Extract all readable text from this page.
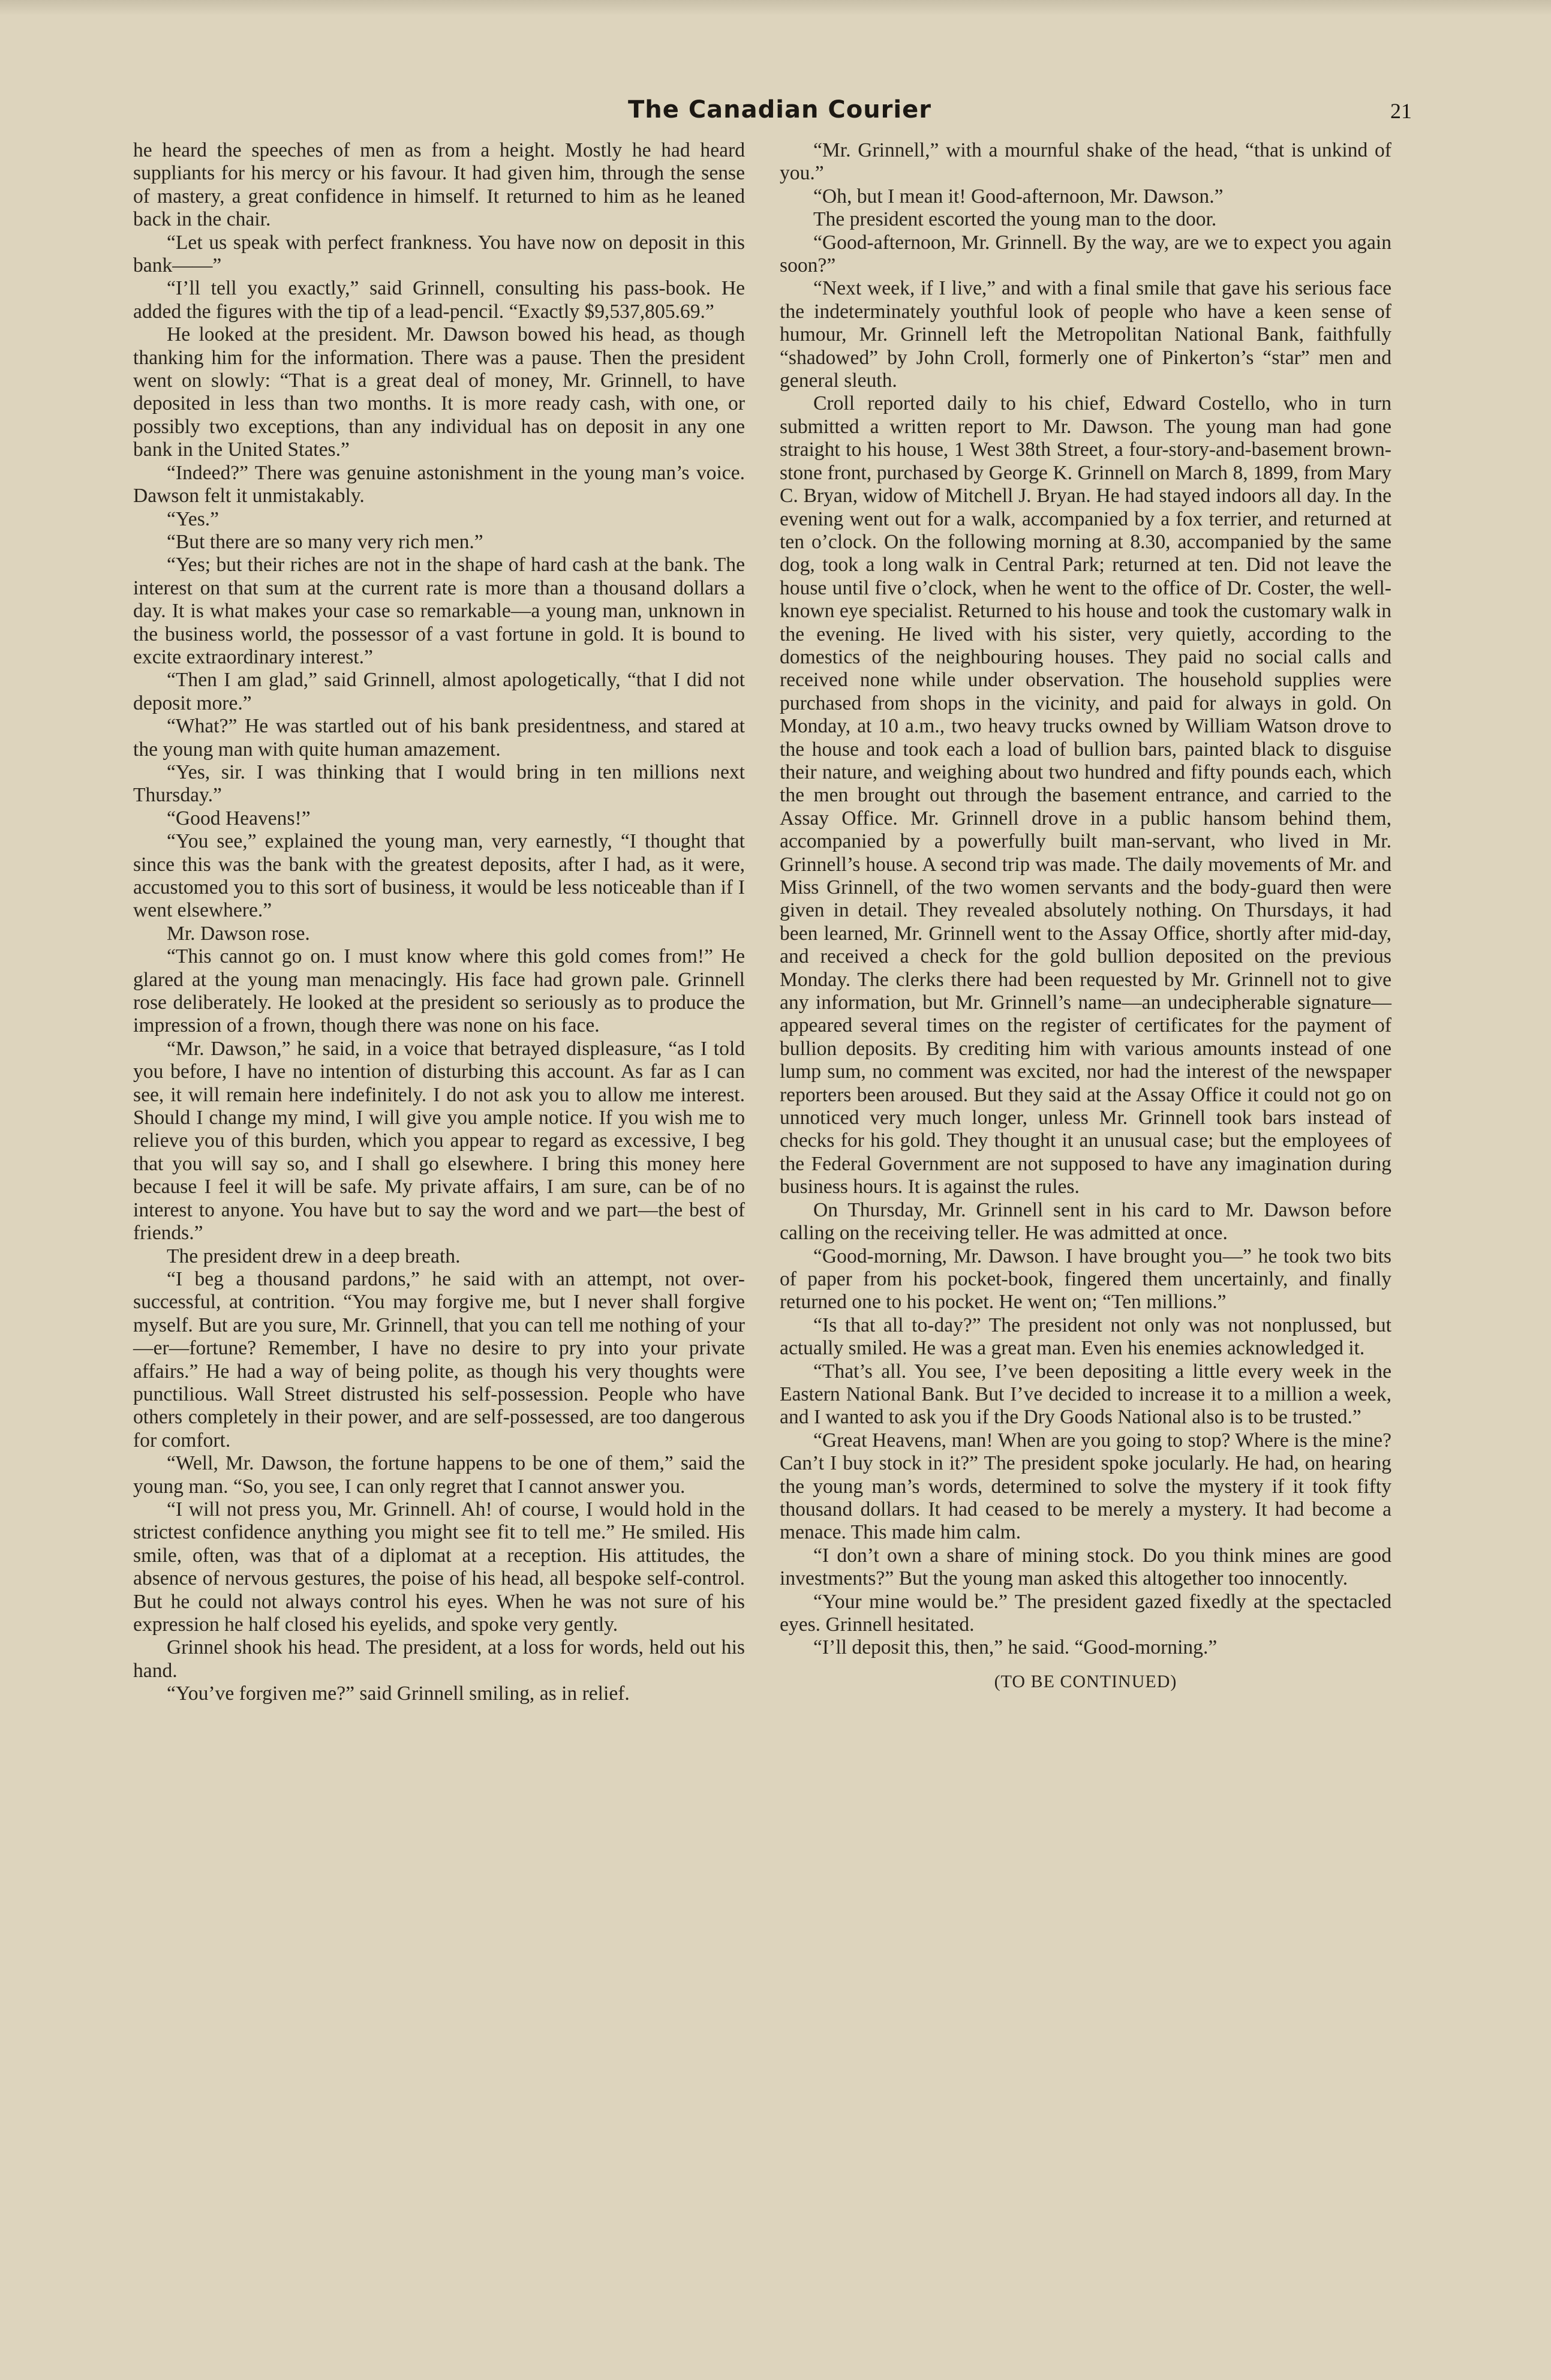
The Canadian Courier	21

he heard the speeches of men as from a height. Mostly he had heard suppliants for his mercy or his favour. It had given him, through the sense of mastery, a great confidence in himself. It returned to him as he leaned back in the chair.

“Let us speak with perfect frankness. You have now on deposit in this bank——”

“I’ll tell you exactly,” said Grinnell, consulting his pass-book. He added the figures with the tip of a lead-pencil. “Exactly $9,537,805.69.”

He looked at the president. Mr. Dawson bowed his head, as though thanking him for the information. There was a pause. Then the president went on slowly: “That is a great deal of money, Mr. Grinnell, to have deposited in less than two months. It is more ready cash, with one, or possibly two exceptions, than any individual has on deposit in any one bank in the United States.”

“Indeed?” There was genuine astonishment in the young man’s voice. Dawson felt it unmistakably.

“Yes.”

“But there are so many very rich men.”

“Yes; but their riches are not in the shape of hard cash at the bank. The interest on that sum at the current rate is more than a thousand dollars a day. It is what makes your case so remarkable—a young man, unknown in the business world, the possessor of a vast fortune in gold. It is bound to excite extraordinary interest.”

“Then I am glad,” said Grinnell, almost apologetically, “that I did not deposit more.”

“What?” He was startled out of his bank presidentness, and stared at the young man with quite human amazement.

“Yes, sir. I was thinking that I would bring in ten millions next Thursday.”

“Good Heavens!”

“You see,” explained the young man, very earnestly, “I thought that since this was the bank with the greatest deposits, after I had, as it were, accustomed you to this sort of business, it would be less noticeable than if I went elsewhere.”

Mr. Dawson rose.

“This cannot go on. I must know where this gold comes from!” He glared at the young man menacingly. His face had grown pale. Grinnell rose deliberately. He looked at the president so seriously as to produce the impression of a frown, though there was none on his face.

“Mr. Dawson,” he said, in a voice that betrayed displeasure, “as I told you before, I have no intention of disturbing this account. As far as I can see, it will remain here indefinitely. I do not ask you to allow me interest. Should I change my mind, I will give you ample notice. If you wish me to relieve you of this burden, which you appear to regard as excessive, I beg that you will say so, and I shall go elsewhere. I bring this money here because I feel it will be safe. My private affairs, I am sure, can be of no interest to anyone. You have but to say the word and we part—the best of friends.”

The president drew in a deep breath.

“I beg a thousand pardons,” he said with an attempt, not over-successful, at contrition. “You may forgive me, but I never shall forgive myself. But are you sure, Mr. Grinnell, that you can tell me nothing of your—er—fortune? Remember, I have no desire to pry into your private affairs.” He had a way of being polite, as though his very thoughts were punctilious. Wall Street distrusted his self-possession. People who have others completely in their power, and are self-possessed, are too dangerous for comfort.

“Well, Mr. Dawson, the fortune happens to be one of them,” said the young man. “So, you see, I can only regret that I cannot answer you.

“I will not press you, Mr. Grinnell. Ah! of course, I would hold in the strictest confidence anything you might see fit to tell me.” He smiled. His smile, often, was that of a diplomat at a reception. His attitudes, the absence of nervous gestures, the poise of his head, all bespoke self-control. But he could not always control his eyes. When he was not sure of his expression he half closed his eyelids, and spoke very gently.

Grinnel shook his head. The president, at a loss for words, held out his hand.

“You’ve forgiven me?” said Grinnell smiling, as in relief.

“Mr. Grinnell,” with a mournful shake of the head, “that is unkind of you.”

“Oh, but I mean it! Good-afternoon, Mr. Dawson.”

The president escorted the young man to the door.

“Good-afternoon, Mr. Grinnell. By the way, are we to expect you again soon?”

“Next week, if I live,” and with a final smile that gave his serious face the indeterminately youthful look of people who have a keen sense of humour, Mr. Grinnell left the Metropolitan National Bank, faithfully “shadowed” by John Croll, formerly one of Pinkerton’s “star” men and general sleuth.

Croll reported daily to his chief, Edward Costello, who in turn submitted a written report to Mr. Dawson. The young man had gone straight to his house, 1 West 38th Street, a four-story-and-basement brown-stone front, purchased by George K. Grinnell on March 8, 1899, from Mary C. Bryan, widow of Mitchell J. Bryan. He had stayed indoors all day. In the evening went out for a walk, accompanied by a fox terrier, and returned at ten o’clock. On the following morning at 8.30, accompanied by the same dog, took a long walk in Central Park; returned at ten. Did not leave the house until five o’clock, when he went to the office of Dr. Coster, the well-known eye specialist. Returned to his house and took the customary walk in the evening. He lived with his sister, very quietly, according to the domestics of the neighbouring houses. They paid no social calls and received none while under observation. The household supplies were purchased from shops in the vicinity, and paid for always in gold. On Monday, at 10 a.m., two heavy trucks owned by William Watson drove to the house and took each a load of bullion bars, painted black to disguise their nature, and weighing about two hundred and fifty pounds each, which the men brought out through the basement entrance, and carried to the Assay Office. Mr. Grinnell drove in a public hansom behind them, accompanied by a powerfully built man-servant, who lived in Mr. Grinnell’s house. A second trip was made. The daily movements of Mr. and Miss Grinnell, of the two women servants and the body-guard then were given in detail. They revealed absolutely nothing. On Thursdays, it had been learned, Mr. Grinnell went to the Assay Office, shortly after mid-day, and received a check for the gold bullion deposited on the previous Monday. The clerks there had been requested by Mr. Grinnell not to give any information, but Mr. Grinnell’s name—an undecipherable signature—appeared several times on the register of certificates for the payment of bullion deposits. By crediting him with various amounts instead of one lump sum, no comment was excited, nor had the interest of the newspaper reporters been aroused. But they said at the Assay Office it could not go on unnoticed very much longer, unless Mr. Grinnell took bars instead of checks for his gold. They thought it an unusual case; but the employees of the Federal Government are not supposed to have any imagination during business hours. It is against the rules.

On Thursday, Mr. Grinnell sent in his card to Mr. Dawson before calling on the receiving teller. He was admitted at once.

“Good-morning, Mr. Dawson. I have brought you—” he took two bits of paper from his pocket-book, fingered them uncertainly, and finally returned one to his pocket. He went on; “Ten millions.”

“Is that all to-day?” The president not only was not nonplussed, but actually smiled. He was a great man. Even his enemies acknowledged it.

“That’s all. You see, I’ve been depositing a little every week in the Eastern National Bank. But I’ve decided to increase it to a million a week, and I wanted to ask you if the Dry Goods National also is to be trusted.”

“Great Heavens, man! When are you going to stop? Where is the mine? Can’t I buy stock in it?” The president spoke jocularly. He had, on hearing the young man’s words, determined to solve the mystery if it took fifty thousand dollars. It had ceased to be merely a mystery. It had become a menace. This made him calm.

“I don’t own a share of mining stock. Do you think mines are good investments?” But the young man asked this altogether too innocently.

“Your mine would be.” The president gazed fixedly at the spectacled eyes. Grinnell hesitated.

“I’ll deposit this, then,” he said. “Good-morning.”

(TO BE CONTINUED)
